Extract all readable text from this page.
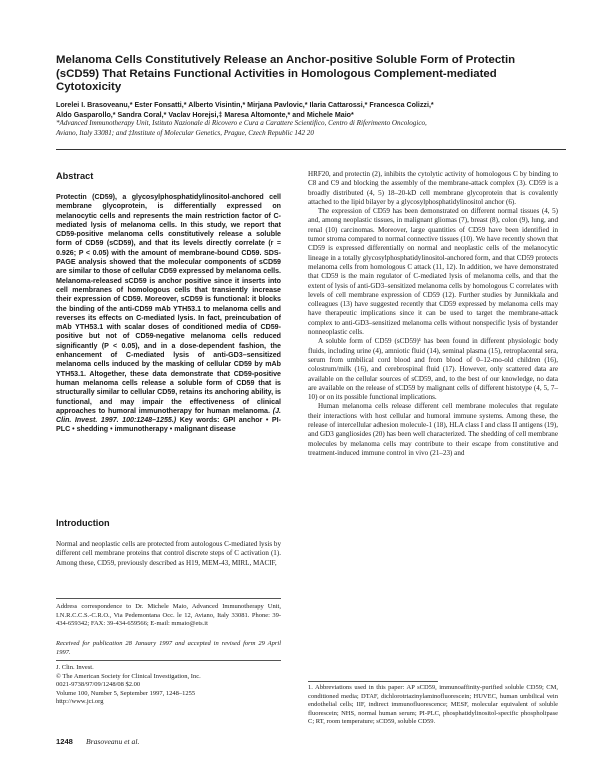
Melanoma Cells Constitutively Release an Anchor-positive Soluble Form of Protectin (sCD59) That Retains Functional Activities in Homologous Complement-mediated Cytotoxicity
Lorelei I. Brasoveanu,* Ester Fonsatti,* Alberto Visintin,* Mirjana Pavlovic,* Ilaria Cattarossi,* Francesca Colizzi,*
Aldo Gasparollo,* Sandra Coral,* Vaclav Horejsi,‡ Maresa Altomonte,* and Michele Maio*
*Advanced Immunotherapy Unit, Istituto Nazionale di Ricovero e Cura a Carattere Scientifico, Centro di Riferimento Oncologico,
Aviano, Italy 33081; and ‡Institute of Molecular Genetics, Prague, Czech Republic 142 20
Abstract
Protectin (CD59), a glycosylphosphatidylinositol-anchored cell membrane glycoprotein, is differentially expressed on melanocytic cells and represents the main restriction factor of C-mediated lysis of melanoma cells. In this study, we report that CD59-positive melanoma cells constitutively release a soluble form of CD59 (sCD59), and that its levels directly correlate (r = 0.926; P < 0.05) with the amount of membrane-bound CD59. SDS-PAGE analysis showed that the molecular components of sCD59 are similar to those of cellular CD59 expressed by melanoma cells. Melanoma-released sCD59 is anchor positive since it inserts into cell membranes of homologous cells that transiently increase their expression of CD59. Moreover, sCD59 is functional: it blocks the binding of the anti-CD59 mAb YTH53.1 to melanoma cells and reverses its effects on C-mediated lysis. In fact, preincubation of mAb YTH53.1 with scalar doses of conditioned media of CD59-positive but not of CD59-negative melanoma cells reduced significantly (P < 0.05), and in a dose-dependent fashion, the enhancement of C-mediated lysis of anti-GD3–sensitized melanoma cells induced by the masking of cellular CD59 by mAb YTH53.1. Altogether, these data demonstrate that CD59-positive human melanoma cells release a soluble form of CD59 that is structurally similar to cellular CD59, retains its anchoring ability, is functional, and may impair the effectiveness of clinical approaches to humoral immunotherapy for human melanoma. (J. Clin. Invest. 1997. 100:1248–1255.) Key words: GPI anchor • PI-PLC • shedding • immunotherapy • malignant disease
Introduction
Normal and neoplastic cells are protected from autologous C-mediated lysis by different cell membrane proteins that control discrete steps of C activation (1). Among these, CD59, previously described as H19, MEM-43, MIRL, MACIF,
Address correspondence to Dr. Michele Maio, Advanced Immunotherapy Unit, I.N.R.C.C.S.-C.R.O., Via Pedemontana Occ. le 12, Aviano, Italy 33081. Phone: 39-434-659342; FAX: 39-434-659566; E-mail: mmaio@ets.it
Received for publication 28 January 1997 and accepted in revised form 29 April 1997.
J. Clin. Invest.
© The American Society for Clinical Investigation, Inc.
0021-9738/97/09/1248/08 $2.00
Volume 100, Number 5, September 1997, 1248–1255
http://www.jci.org

HRF20, and protectin (2), inhibits the cytolytic activity of homologous C by binding to C8 and C9 and blocking the assembly of the membrane-attack complex (3). CD59 is a broadly distributed (4, 5) 18–20-kD cell membrane glycoprotein that is covalently attached to the lipid bilayer by a glycosylphosphatidylinositol anchor (6).

The expression of CD59 has been demonstrated on different normal tissues (4, 5) and, among neoplastic tissues, in malignant gliomas (7), breast (8), colon (9), lung, and renal (10) carcinomas. Moreover, large quantities of CD59 have been identified in tumor stroma compared to normal connective tissues (10). We have recently shown that CD59 is expressed differentially on normal and neoplastic cells of the melanocytic lineage in a totally glycosylphosphatidylinositol-anchored form, and that CD59 protects melanoma cells from homologous C attack (11, 12). In addition, we have demonstrated that CD59 is the main regulator of C-mediated lysis of melanoma cells, and that the extent of lysis of anti-GD3–sensitized melanoma cells by homologous C correlates with levels of cell membrane expression of CD59 (12). Further studies by Junnikkala and colleagues (13) have suggested recently that CD59 expressed by melanoma cells may have therapeutic implications since it can be used to target the membrane-attack complex to anti-GD3–sensitized melanoma cells without nonspecific lysis of bystander nonneoplastic cells.

A soluble form of CD59 (sCD59)¹ has been found in different physiologic body fluids, including urine (4), amniotic fluid (14), seminal plasma (15), retroplacental sera, serum from umbilical cord blood and from blood of 0–12-mo-old children (16), colostrum/milk (16), and cerebrospinal fluid (17). However, only scattered data are available on the cellular sources of sCD59, and, to the best of our knowledge, no data are available on the release of sCD59 by malignant cells of different histotype (4, 5, 7–10) or on its possible functional implications.

Human melanoma cells release different cell membrane molecules that regulate their interactions with host cellular and humoral immune systems. Among these, the release of intercellular adhesion molecule-1 (18), HLA class I and class II antigens (19), and GD3 gangliosides (20) has been well characterized. The shedding of cell membrane molecules by melanoma cells may contribute to their escape from constitutive and treatment-induced immune control in vivo (21–23) and

1. Abbreviations used in this paper: AP sCD59, immunoaffinity-purified soluble CD59; CM, conditioned media; DTAF, dichlorotriazinylaminofluorescein; HUVEC, human umbilical vein endothelial cells; IIF, indirect immunofluorescence; MESF, molecular equivalent of soluble fluorescein; NHS, normal human serum; PI-PLC, phosphatidylinositol-specific phospholipase C; RT, room temperature; sCD59, soluble CD59.
1248 Brasoveanu et al.
